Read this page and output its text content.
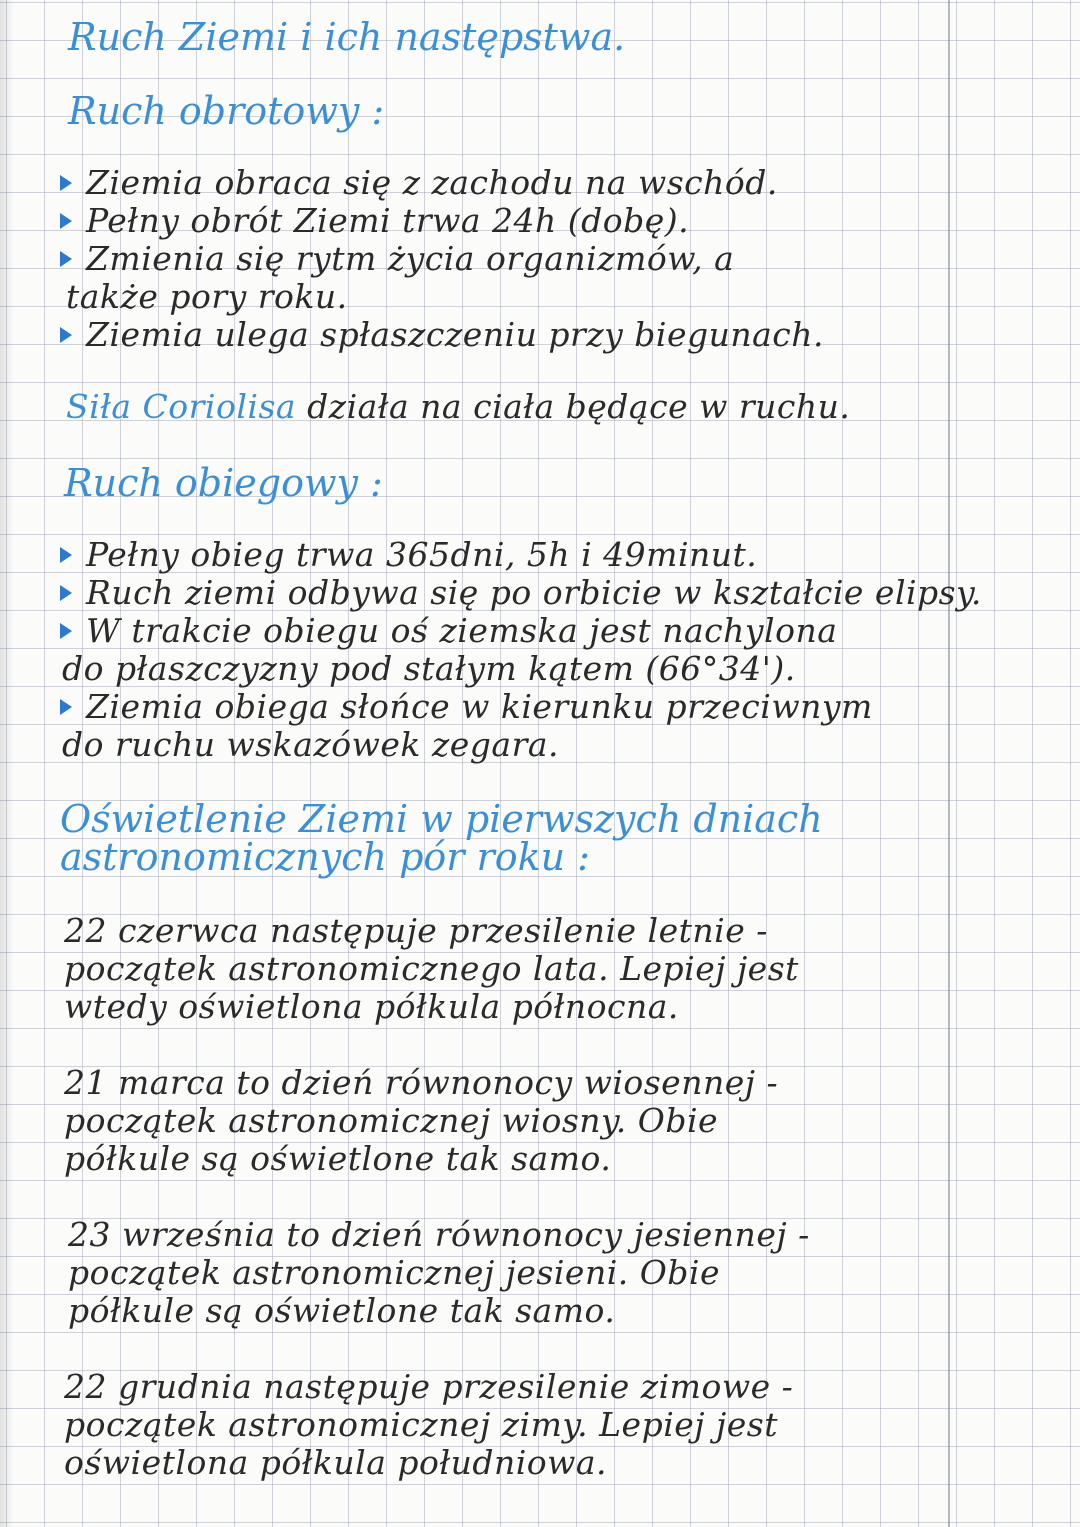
Ruch Ziemi i ich następstwa.
Ruch obrotowy :
Ziemia obraca się z zachodu na wschód.
Pełny obrót Ziemi trwa 24h (dobę).
Zmienia się rytm życia organizmów, a
także pory roku.
Ziemia ulega spłaszczeniu przy biegunach.
Siła Coriolisa działa na ciała będące w ruchu.
Ruch obiegowy :
Pełny obieg trwa 365dni, 5h i 49minut.
Ruch ziemi odbywa się po orbicie w kształcie elipsy.
W trakcie obiegu oś ziemska jest nachylona
do płaszczyzny pod stałym kątem (66°34').
Ziemia obiega słońce w kierunku przeciwnym
do ruchu wskazówek zegara.
Oświetlenie Ziemi w pierwszych dniach
astronomicznych pór roku :
22 czerwca następuje przesilenie letnie -
początek astronomicznego lata. Lepiej jest
wtedy oświetlona półkula północna.
21 marca to dzień równonocy wiosennej -
początek astronomicznej wiosny. Obie
półkule są oświetlone tak samo.
23 września to dzień równonocy jesiennej -
początek astronomicznej jesieni. Obie
półkule są oświetlone tak samo.
22 grudnia następuje przesilenie zimowe -
początek astronomicznej zimy. Lepiej jest
oświetlona półkula południowa.
